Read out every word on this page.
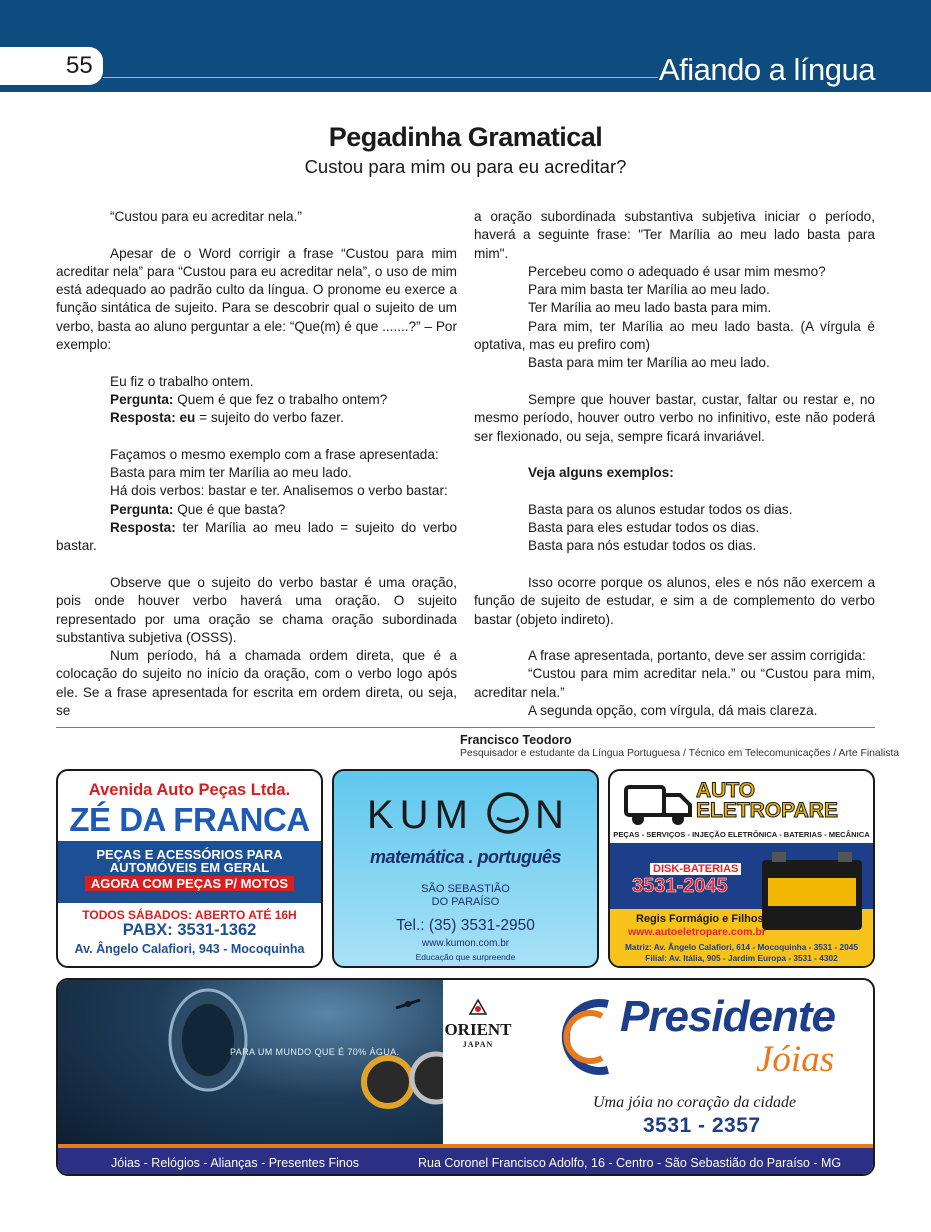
55	Afiando a língua
Pegadinha Gramatical
Custou para mim ou para eu acreditar?

“Custou para eu acreditar nela.”

Apesar de o Word corrigir a frase “Custou para mim acreditar nela” para “Custou para eu acreditar nela”, o uso de mim está adequado ao padrão culto da língua. O pronome eu exerce a função sintática de sujeito. Para se descobrir qual o sujeito de um verbo, basta ao aluno perguntar a ele: “Que(m) é que .......?” – Por exemplo:

Eu fiz o trabalho ontem.

Pergunta: Quem é que fez o trabalho ontem?

Resposta: eu = sujeito do verbo fazer.

Façamos o mesmo exemplo com a frase apresentada:

Basta para mim ter Marília ao meu lado.

Há dois verbos: bastar e ter. Analisemos o verbo bastar:

Pergunta: Que é que basta?

Resposta: ter Marília ao meu lado = sujeito do verbo bastar.

Observe que o sujeito do verbo bastar é uma oração, pois onde houver verbo haverá uma oração. O sujeito representado por uma oração se chama oração subordinada substantiva subjetiva (OSSS).

Num período, há a chamada ordem direta, que é a colocação do sujeito no início da oração, com o verbo logo após ele. Se a frase apresentada for escrita em ordem direta, ou seja, se

a oração subordinada substantiva subjetiva iniciar o período, haverá a seguinte frase: "Ter Marília ao meu lado basta para mim".

Percebeu como o adequado é usar mim mesmo?

Para mim basta ter Marília ao meu lado.

Ter Marília ao meu lado basta para mim.

Para mim, ter Marília ao meu lado basta. (A vírgula é optativa, mas eu prefiro com)

Basta para mim ter Marília ao meu lado.

Sempre que houver bastar, custar, faltar ou restar e, no mesmo período, houver outro verbo no infinitivo, este não poderá ser flexionado, ou seja, sempre ficará invariável.

Veja alguns exemplos:

Basta para os alunos estudar todos os dias.

Basta para eles estudar todos os dias.

Basta para nós estudar todos os dias.

Isso ocorre porque os alunos, eles e nós não exercem a função de sujeito de estudar, e sim a de complemento do verbo bastar (objeto indireto).

A frase apresentada, portanto, deve ser assim corrigida:

“Custou para mim acreditar nela.” ou “Custou para mim, acreditar nela.”

A segunda opção, com vírgula, dá mais clareza.

Francisco Teodoro
Pesquisador e estudante da Língua Portuguesa / Técnico em Telecomunicações / Arte Finalista
Avenida Auto Peças Ltda.
ZÉ DA FRANCA
PEÇAS E ACESSÓRIOS PARA
AUTOMÓVEIS EM GERAL
AGORA COM PEÇAS P/ MOTOS
TODOS SÁBADOS: ABERTO ATÉ 16H
PABX: 3531-1362
Av. Ângelo Calafiori, 943 - Mocoquinha
KUM N
matemática . português
SÃO SEBASTIÃO
DO PARAÍSO
Tel.: (35) 3531-2950
www.kumon.com.br
Educação que surpreende
AUTO
ELETROPARE
PEÇAS - SERVIÇOS - INJEÇÃO ELETRÔNICA - BATERIAS - MECÂNICA
DISK-BATERIAS
3531-2045
Regis Formágio e Filhos
www.autoeletropare.com.br
Matriz: Av. Ângelo Calafiori, 614 - Mocoquinha - 3531 - 2045
Filial: Av. Itália, 905 - Jardim Europa - 3531 - 4302
PARA UM MUNDO QUE É 70% ÁGUA.
ORIENT
JAPAN
Presidente
Jóias
Uma jóia no coração da cidade
3531 - 2357
Jóias - Relógios - Alianças - Presentes Finos	Rua Coronel Francisco Adolfo, 16 - Centro - São Sebastião do Paraíso - MG
